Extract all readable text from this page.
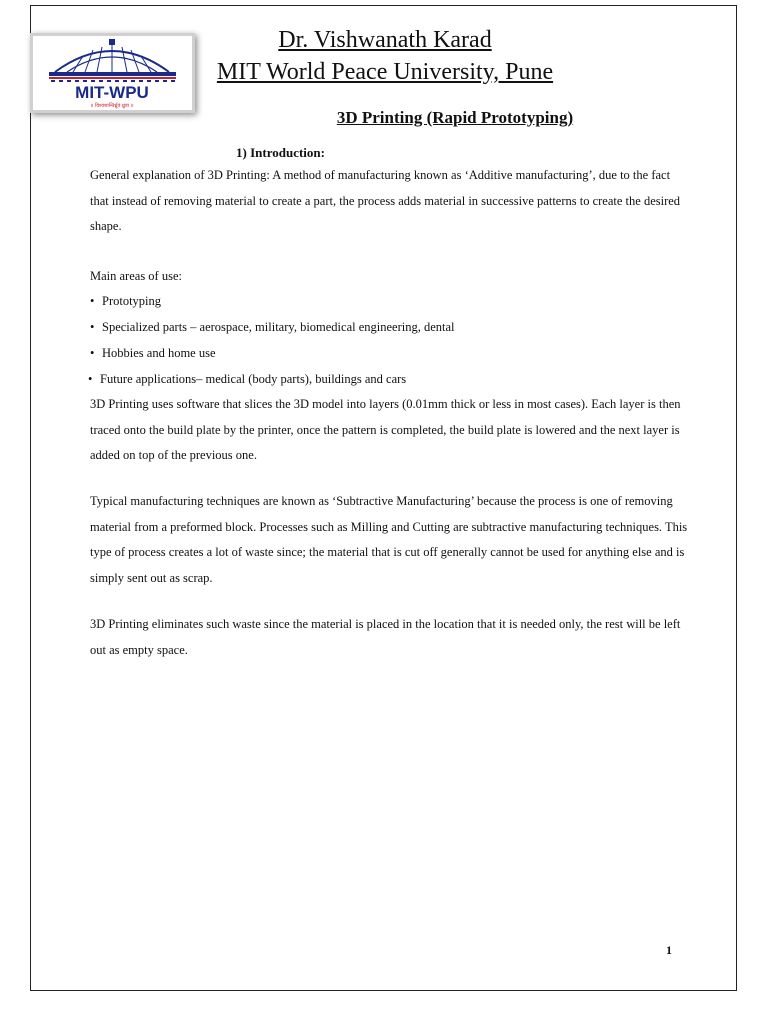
MIT-WPU
॥ विश्वशान्तिर्ध्रुवं ध्रुवा ॥
Dr. Vishwanath Karad
MIT World Peace University, Pune
3D Printing (Rapid Prototyping)
1) Introduction:
General explanation of 3D Printing: A method of manufacturing known as ‘Additive manufacturing’, due to the fact that instead of removing material to create a part, the process adds material in successive patterns to create the desired shape.
Main areas of use:
• Prototyping
• Specialized parts – aerospace, military, biomedical engineering, dental
• Hobbies and home use
• Future applications– medical (body parts), buildings and cars
3D Printing uses software that slices the 3D model into layers (0.01mm thick or less in most cases). Each layer is then traced onto the build plate by the printer, once the pattern is completed, the build plate is lowered and the next layer is added on top of the previous one.
Typical manufacturing techniques are known as ‘Subtractive Manufacturing’ because the process is one of removing material from a preformed block. Processes such as Milling and Cutting are subtractive manufacturing techniques. This type of process creates a lot of waste since; the material that is cut off generally cannot be used for anything else and is simply sent out as scrap.
3D Printing eliminates such waste since the material is placed in the location that it is needed only, the rest will be left out as empty space.
1
